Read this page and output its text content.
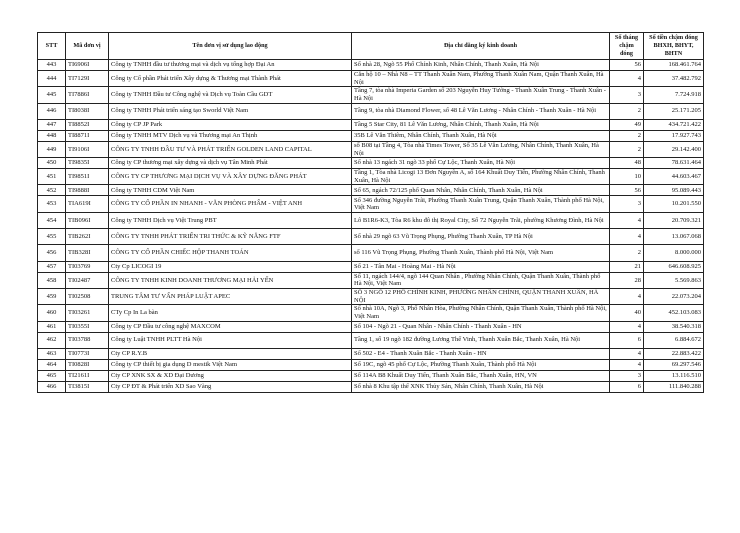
STT	Mã đơn vị	Tên đơn vị sử dụng lao động	Địa chỉ đăng ký kinh doanh	Số tháng chậm đóng	Số tiền chậm đóng BHXH, BHYT, BHTN
443	TI6906I	Công ty TNHH đầu tư thương mại và dịch vụ tổng hợp Đại An	Số nhà 28, Ngõ 55 Phố Chính Kinh, Nhân Chính, Thanh Xuân, Hà Nội	56	168.461.764
444	TI7129I	Công ty Cổ phần Phát triển Xây dựng & Thương mại Thành Phát	Căn hộ 10 – Nhà N8 – TT Thanh Xuân Nam, Phường Thanh Xuân Nam, Quận Thanh Xuân, Hà Nội	4	37.482.792
445	TI7886I	Công ty TNHH Đầu tư Công nghệ và Dịch vụ Toàn Cầu GDT	Tầng 7, tòa nhà Imperia Garden số 203 Nguyễn Huy Tưởng - Thanh Xuân Trung - Thanh Xuân - Hà Nội	3	7.724.918
446	TI8038I	Công ty TNHH Phát triển sáng tạo Sworld Việt Nam	Tầng 9, tòa nhà Diamond Flower, số 48 Lê Văn Lương - Nhân Chính - Thanh Xuân - Hà Nội	2	25.171.205
447	TI8852I	Công ty CP JP Park	Tầng 5 Star City, 81 Lê Văn Lương, Nhân Chính, Thanh Xuân, Hà Nội	49	434.721.422
448	TI8871I	Công ty TNHH MTV Dịch vụ và Thương mại An Thịnh	35B Lê Văn Thiêm, Nhân Chính, Thanh Xuân, Hà Nội	2	17.927.743
449	TI9106I	CÔNG TY TNHH ĐẦU TƯ VÀ PHÁT TRIỂN GOLDEN LAND CAPITAL	số B08 tại Tầng 4, Tòa nhà Times Tower, Số 35 Lê Văn Lương, Nhân Chính, Thanh Xuân, Hà Nội	2	29.142.400
450	TI9835I	Công ty CP thương mại xây dựng và dịch vụ Tân Minh Phát	Số nhà 13 ngách 31 ngõ 33 phố Cự Lộc, Thanh Xuân, Hà Nội	48	78.631.464
451	TI9851I	CÔNG TY CP THƯƠNG MẠI DỊCH VỤ VÀ XÂY DỰNG ĐĂNG PHÁT	Tầng 1, Tòa nhà Licogi 13 Đơn Nguyên A, số 164 Khuất Duy Tiến, Phường Nhân Chính, Thanh Xuân, Hà Nội	10	44.603.467
452	TI9888I	Công ty TNHH CDM Việt Nam	Số 65, ngách 72/125 phố Quan Nhân, Nhân Chính, Thanh Xuân, Hà Nội	56	95.089.443
453	TIA619I	CÔNG TY CỔ PHẦN IN NHANH - VĂN PHÒNG PHẨM - VIỆT ANH	Số 346 đường Nguyễn Trãi, Phường Thanh Xuân Trung, Quận Thanh Xuân, Thành phố Hà Nội, Việt Nam	3	10.201.550
454	TIB096I	Công ty TNHH Dịch vụ Việt Trung PBT	Lô B1R6-K3, Tòa R6 khu đô thị Royal City, Số 72 Nguyễn Trãi, phường Khương Đình, Hà Nội	4	20.709.321
455	TIB262I	CÔNG TY TNHH PHÁT TRIỂN TRI THỨC & KỸ NĂNG FTF	Số nhà 29 ngõ 63 Vũ Trọng Phụng, Phường Thanh Xuân, TP Hà Nội	4	13.067.068
456	TIB328I	CÔNG TY CỔ PHẦN CHIẾC HỘP THANH TOÁN	số 116 Vũ Trọng Phụng, Phường Thanh Xuân, Thành phố Hà Nội, Việt Nam	2	8.000.000
457	TI03769	Cty Cp LICOGI 19	Số 21 - Tân Mai - Hoàng Mai - Hà Nội	21	646.608.925
458	TI02487	CÔNG TY TNHH KINH DOANH THƯƠNG MẠI HẢI YẾN	Số 11, ngách 144/4, ngõ 144 Quan Nhân , Phường Nhân Chính, Quận Thanh Xuân, Thành phố Hà Nội, Việt Nam	28	5.569.863
459	TI02508	TRUNG TÂM TƯ VẤN PHÁP LUẬT APEC	SỐ 3 NGÕ 12 PHỐ CHÍNH KINH, PHƯỜNG NHÂN CHÍNH, QUẬN THANH XUÂN, HÀ NỘI	4	22.073.204
460	TI03261	CTy Cp In La bàn	Số nhà 10A, Ngõ 3, Phố Nhân Hòa, Phường Nhân Chính, Quận Thanh Xuân, Thành phố Hà Nội, Việt Nam	40	452.103.083
461	TI0355I	Công ty CP Đầu tư công nghệ MAXCOM	Số 104 - Ngõ 21 - Quan Nhân - Nhân Chính - Thanh Xuân - HN	4	38.540.318
462	TI03788	Công ty Luật TNHH PLTT Hà Nội	Tầng 1, số 19 ngõ 182 đường Lương Thế Vinh, Thanh Xuân Bắc, Thanh Xuân, Hà Nội	6	6.884.672
463	TI0773I	Cty CP R.Y.B	Số 502 - E4 - Thanh Xuân Bắc - Thanh Xuân - HN	4	22.883.422
464	TI0828I	Công ty CP thiết bị gia dụng D mestik Việt Nam	Số 19C, ngõ 45 phố Cự Lộc, Phường Thanh Xuân, Thành phố Hà Nội	4	69.297.546
465	TI2161I	Cty CP XNK SX & XD Đại Dương	Số 114A B8 Khuất Duy Tiến, Thanh Xuân Bắc, Thanh Xuân, HN, VN	3	13.116.510
466	TI3815I	Cty CP ĐT & Phát triển XD Sao Vàng	Số nhà 8 Khu tập thể XNK Thủy Sản, Nhân Chính, Thanh Xuân, Hà Nội	6	111.840.288
